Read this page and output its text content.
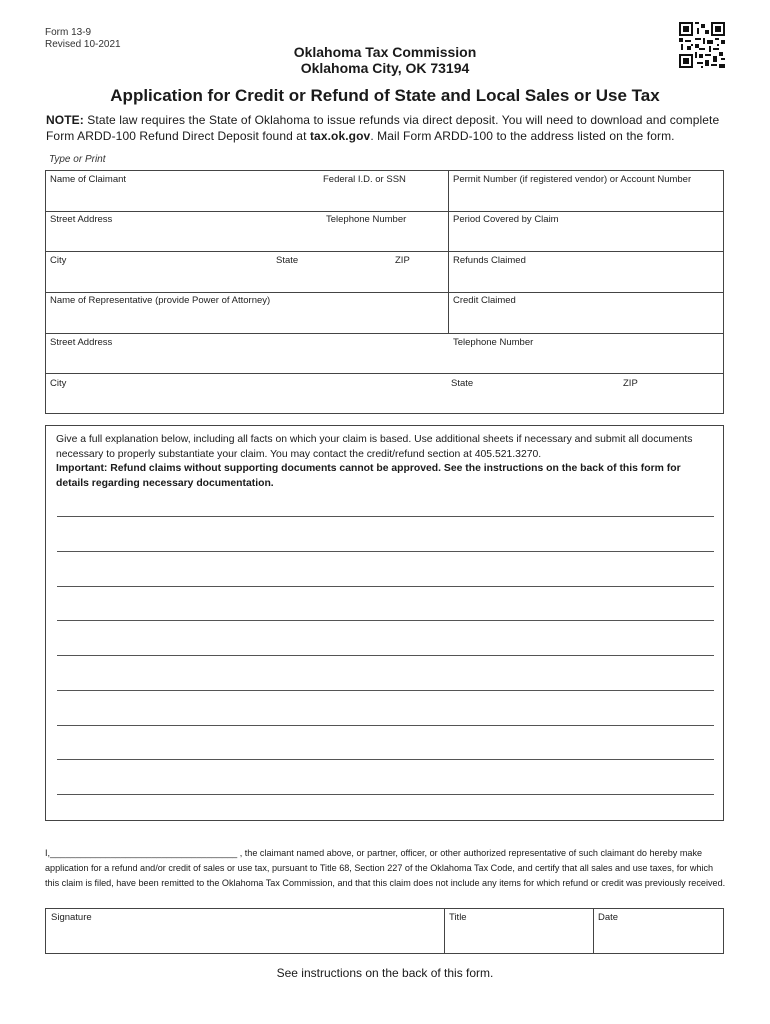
Form 13-9
Revised 10-2021	Oklahoma Tax Commission
Oklahoma City, OK 73194
Application for Credit or Refund of State and Local Sales or Use Tax
NOTE: State law requires the State of Oklahoma to issue refunds via direct deposit. You will need to download and complete Form ARDD-100 Refund Direct Deposit found at tax.ok.gov. Mail Form ARDD-100 to the address listed on the form.
Type or Print
Name of Claimant	Federal I.D. or SSN	Permit Number (if registered vendor) or Account Number
Street Address	Telephone Number	Period Covered by Claim
City	State	ZIP	Refunds Claimed
Name of Representative (provide Power of Attorney)	Credit Claimed
Street Address	Telephone Number
City	State	ZIP
Give a full explanation below, including all facts on which your claim is based. Use additional sheets if necessary and submit all documents necessary to properly substantiate your claim. You may contact the credit/refund section at 405.521.3270.
Important: Refund claims without supporting documents cannot be approved. See the instructions on the back of this form for details regarding necessary documentation.
I,_____________________________________ , the claimant named above, or partner, officer, or other authorized representative of such claimant do hereby make application for a refund and/or credit of sales or use tax, pursuant to Title 68, Section 227 of the Oklahoma Tax Code, and certify that all sales and use taxes, for which this claim is filed, have been remitted to the Oklahoma Tax Commission, and that this claim does not include any items for which refund or credit was previously received.
Signature	Title	Date
See instructions on the back of this form.
